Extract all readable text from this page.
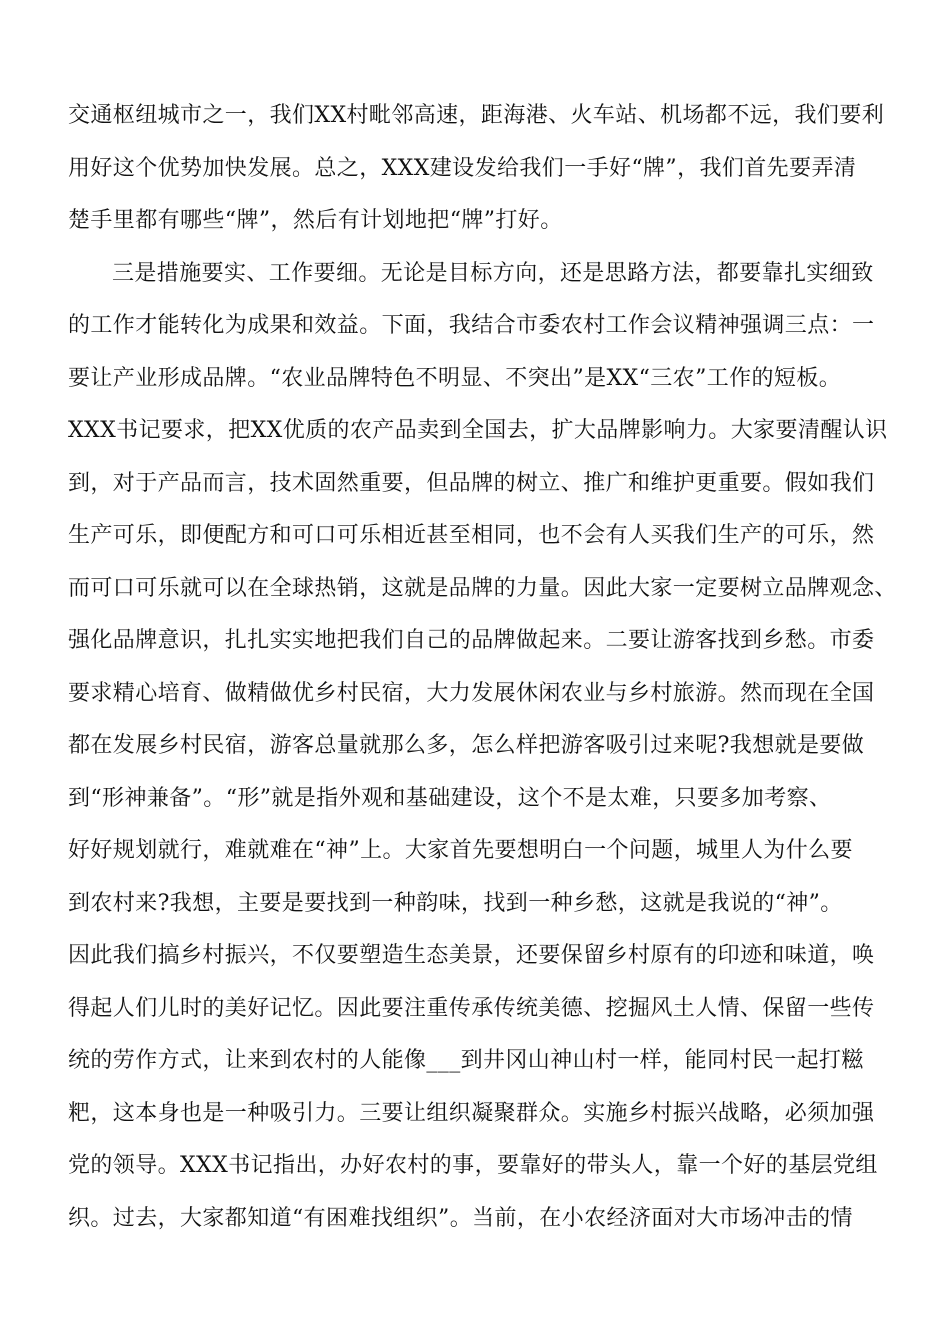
交通枢纽城市之一，我们XX村毗邻高速，距海港、火车站、机场都不远，我们要利
用好这个优势加快发展。总之，XXX建设发给我们一手好“牌”，我们首先要弄清
楚手里都有哪些“牌”，然后有计划地把“牌”打好。
三是措施要实、工作要细。无论是目标方向，还是思路方法，都要靠扎实细致
的工作才能转化为成果和效益。下面，我结合市委农村工作会议精神强调三点：一
要让产业形成品牌。“农业品牌特色不明显、不突出”是XX“三农”工作的短板。
XXX书记要求，把XX优质的农产品卖到全国去，扩大品牌影响力。大家要清醒认识
到，对于产品而言，技术固然重要，但品牌的树立、推广和维护更重要。假如我们
生产可乐，即便配方和可口可乐相近甚至相同，也不会有人买我们生产的可乐，然
而可口可乐就可以在全球热销，这就是品牌的力量。因此大家一定要树立品牌观念、
强化品牌意识，扎扎实实地把我们自己的品牌做起来。二要让游客找到乡愁。市委
要求精心培育、做精做优乡村民宿，大力发展休闲农业与乡村旅游。然而现在全国
都在发展乡村民宿，游客总量就那么多，怎么样把游客吸引过来呢?我想就是要做
到“形神兼备”。“形”就是指外观和基础建设，这个不是太难，只要多加考察、
好好规划就行，难就难在“神”上。大家首先要想明白一个问题，城里人为什么要
到农村来?我想，主要是要找到一种韵味，找到一种乡愁，这就是我说的“神”。
因此我们搞乡村振兴，不仅要塑造生态美景，还要保留乡村原有的印迹和味道，唤
得起人们儿时的美好记忆。因此要注重传承传统美德、挖掘风土人情、保留一些传
统的劳作方式，让来到农村的人能像___到井冈山神山村一样，能同村民一起打糍
粑，这本身也是一种吸引力。三要让组织凝聚群众。实施乡村振兴战略，必须加强
党的领导。XXX书记指出，办好农村的事，要靠好的带头人，靠一个好的基层党组
织。过去，大家都知道“有困难找组织”。当前，在小农经济面对大市场冲击的情
